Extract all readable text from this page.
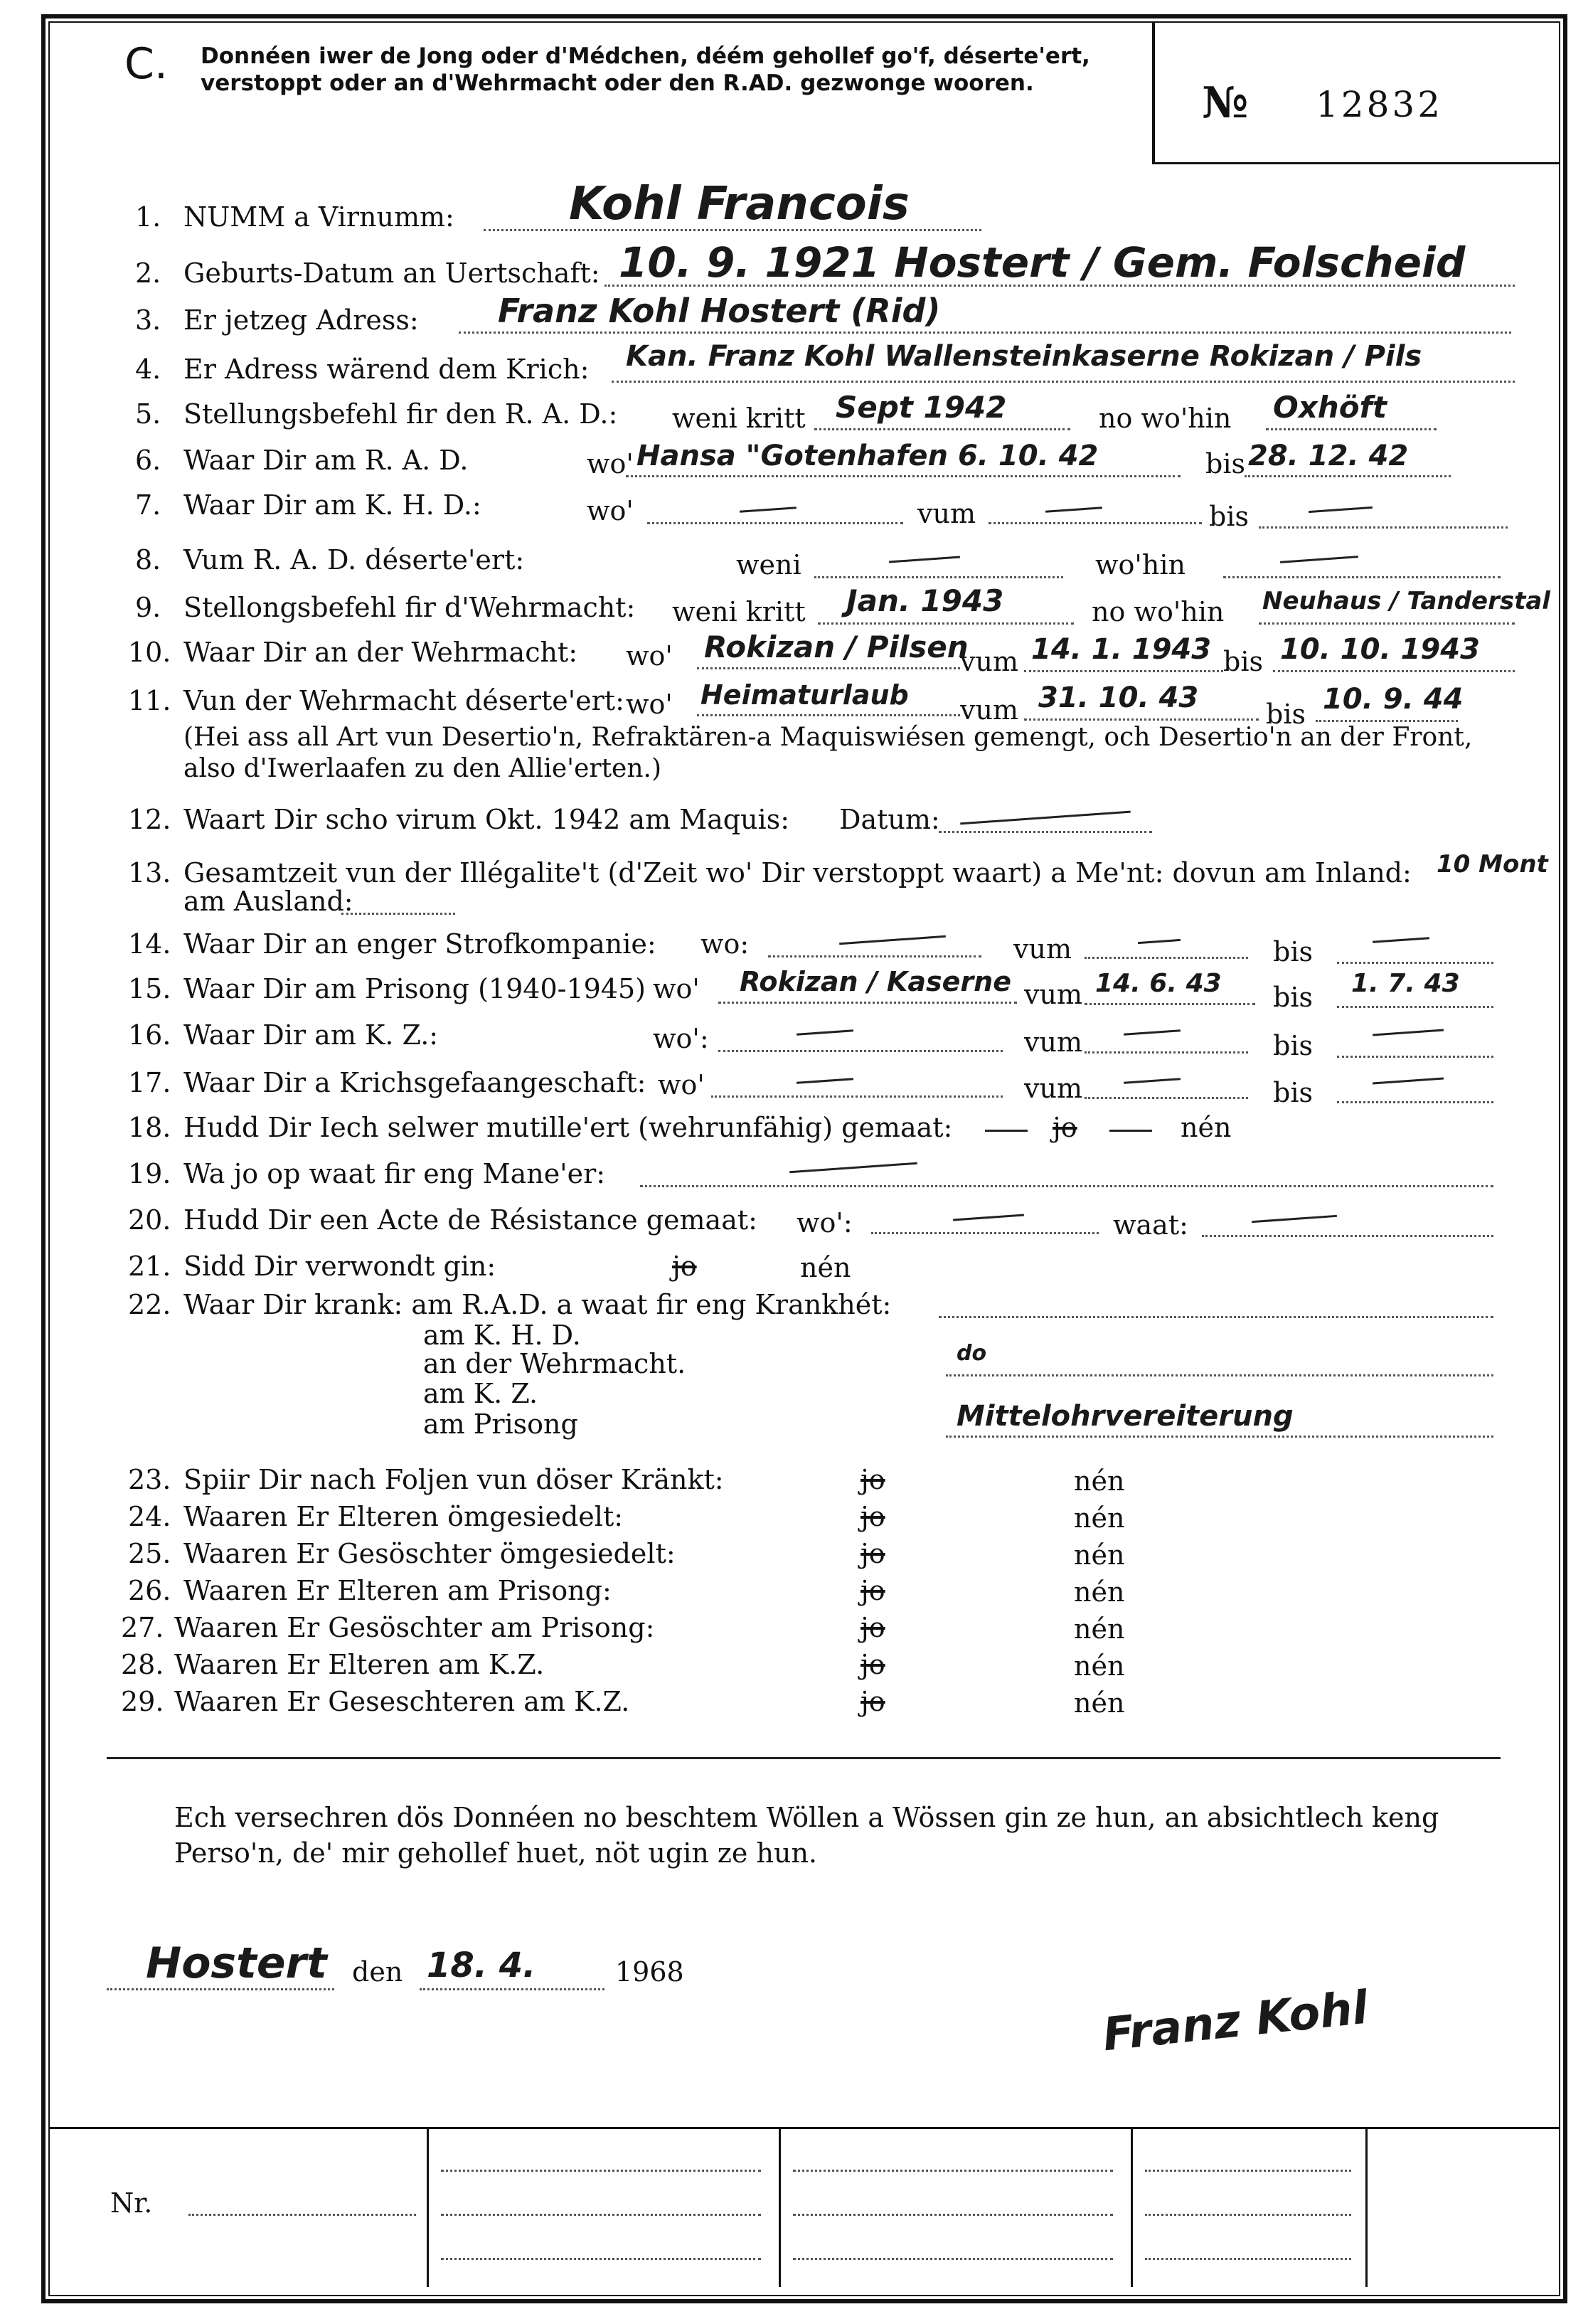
C. Donnéen iwer de Jong oder d'Médchen, déém gehollef go'f, déserte'ert, verstoppt oder an d'Wehrmacht oder den R.AD. gezwonge wooren.	№ 12832
1. NUMM a Virnumm:	Kohl Francois
2. Geburts-Datum an Uertschaft: 10. 9. 1921 Hostert / Gem. Folscheid
3. Er jetzeg Adress: Franz Kohl Hostert (Rid)
4. Er Adress wärend dem Krich: Kan. Franz Kohl Wallensteinkaserne Rokizan / Pils
5. Stellungsbefehl fir den R. A. D.: weni kritt Sept 1942	no wo'hin Oxhöft
6. Waar Dir am R. A. D.	wo' Hansa "Gotenhafen 6. 10. 42	bis 28. 12. 42
7. Waar Dir am K. H. D.:	wo'	vum	bis
8. Vum R. A. D. déserte'ert:	weni	wo'hin
9. Stellongsbefehl fir d'Wehrmacht: weni kritt Jan. 1943	no wo'hin Neuhaus / Tanderstal
10. Waar Dir an der Wehrmacht: wo' Rokizan / Pilsen
vum 14. 1. 1943 bis 10. 10. 1943
11. Vun der Wehrmacht déserte'ert: wo' Heimaturlaub vum 31. 10. 43 bis 10. 9. 44
(Hei ass all Art vun Desertio'n, Refraktären-a Maquiswiésen gemengt, och Desertio'n an der Front, also d'Iwerlaafen zu den Allie'erten.)
12. Waart Dir scho virum Okt. 1942 am Maquis: Datum:
13. Gesamtzeit vun der Illégalite't (d'Zeit wo' Dir verstoppt waart) a Me'nt: dovun am Inland: 10 Mont
am Ausland:
14. Waar Dir an enger Strofkompanie: wo:	vum	bis
15. Waar Dir am Prisong (1940-1945) wo' Rokizan / Kaserne vum 14. 6. 43 bis 1. 7. 43
16. Waar Dir am K. Z.:	wo':	vum	bis
17. Waar Dir a Krichsgefaangeschaft: wo'	vum	bis
18. Hudd Dir Iech selwer mutille'ert (wehrunfähig) gemaat:	jo	nén
19. Wa jo op waat fir eng Mane'er:
20. Hudd Dir een Acte de Résistance gemaat: wo':	waat:
21. Sidd Dir verwondt gin:	jo	nén
22. Waar Dir krank: am R.A.D. a waat fir eng Krankhét:
am K. H. D.
an der Wehrmacht.	do
am K. Z.
am Prisong	Mittelohrvereiterung
23. Spiir Dir nach Foljen vun döser Kränkt:	jo	nén
24. Waaren Er Elteren ömgesiedelt:	jo	nén
25. Waaren Er Gesöschter ömgesiedelt:	jo	nén
26. Waaren Er Elteren am Prisong:	jo	nén
27. Waaren Er Gesöschter am Prisong:	jo	nén
28. Waaren Er Elteren am K.Z.	jo	nén
29. Waaren Er Geseschteren am K.Z.	jo	nén
Ech versechren dös Donnéen no beschtem Wöllen a Wössen gin ze hun, an absichtlech keng Perso'n, de' mir gehollef huet, nöt ugin ze hun.
Hostert den 18. 4.	1968
Franz Kohl
Nr.
